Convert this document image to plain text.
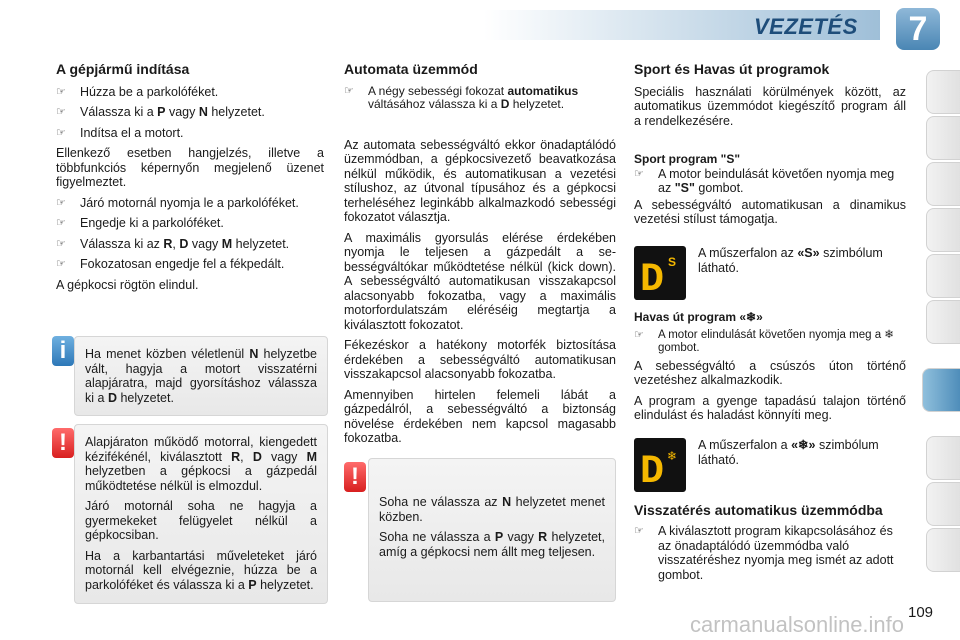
VEZETÉS	7
A gépjármű indítása
☞	Húzza be a parkolóféket.
☞	Válassza ki a P vagy N helyzetet.
☞	Indítsa el a motort.

Ellenkező esetben hangjelzés, illetve a többfunkciós képernyőn megjelenő üzenet figyelmeztet.

☞	Járó motornál nyomja le a parkolóféket.
☞	Engedje ki a parkolóféket.
☞	Válassza ki az R, D vagy M helyzetet.
☞	Fokozatosan engedje fel a fékpedált.

A gépkocsi rögtön elindul.

Ha menet közben véletlenül N helyzetbe vált, hagyja a motort visszatérni alapjáratra, majd gyorsításhoz válassza ki a D helyzetet.

i

Alapjáraton működő motorral, kiengedett kézifékénél, kiválasztott R, D vagy M helyzetben a gépkocsi a gázpedál működtetése nélkül is elmozdul.

Járó motornál soha ne hagyja a gyermekeket felügyelet nélkül a gépkocsiban.

Ha a karbantartási műveleteket járó motornál kell elvégeznie, húzza be a parkolóféket és válassza ki a P helyzetet.

!
Automata üzemmód
☞	A négy sebességi fokozat automatikus váltásához válassza ki a D helyzetet.

Az automata sebességváltó ekkor önadaptálódó üzemmódban, a gépkocsivezető beavatkozása nélkül működik, és automatikusan a vezetési stílushoz, az útvonal típusához és a gépkocsi terheléséhez leginkább alkalmazkodó sebességi fokozatot választja.

A maximális gyorsulás elérése érdekében nyomja le teljesen a gázpedált a sebességváltókar működtetése nélkül (kick down). A sebességváltó automatikusan visszakapcsol alacsonyabb fokozatba, vagy a maximális motorfordulatszám eléréséig megtartja a kiválasztott fokozatot.

Fékezéskor a hatékony motorfék biztosítása érdekében a sebességváltó automatikusan visszakapcsol alacsonyabb fokozatba.

Amennyiben hirtelen felemeli lábát a gázpedálról, a sebességváltó a biztonság növelése érdekében nem kapcsol magasabb fokozatba.

Soha ne válassza az N helyzetet menet közben.

Soha ne válassza a P vagy R helyzetet, amíg a gépkocsi nem állt meg teljesen.

!
Sport és Havas út programok

Speciális használati körülmények között, az automatikus üzemmódot kiegészítő program áll a rendelkezésére.

Sport program "S"
☞	A motor beindulását követően nyomja meg az "S" gombot.

A sebességváltó automatikusan a dinamikus vezetési stílust támogatja.

D S

A műszerfalon az «S» szimbólum látható.

Havas út program «❄»
☞	A motor elindulását követően nyomja meg a ❄ gombot.

A sebességváltó a csúszós úton történő vezetéshez alkalmazkodik.

A program a gyenge tapadású talajon történő elindulást és haladást könnyíti meg.

D ❄

A műszerfalon a «❄» szimbólum látható.

Visszatérés automatikus üzemmódba
☞	A kiválasztott program kikapcsolásához és az önadaptálódó üzemmódba való visszatéréshez nyomja meg ismét az adott gombot.
carmanualsonline.info 109
